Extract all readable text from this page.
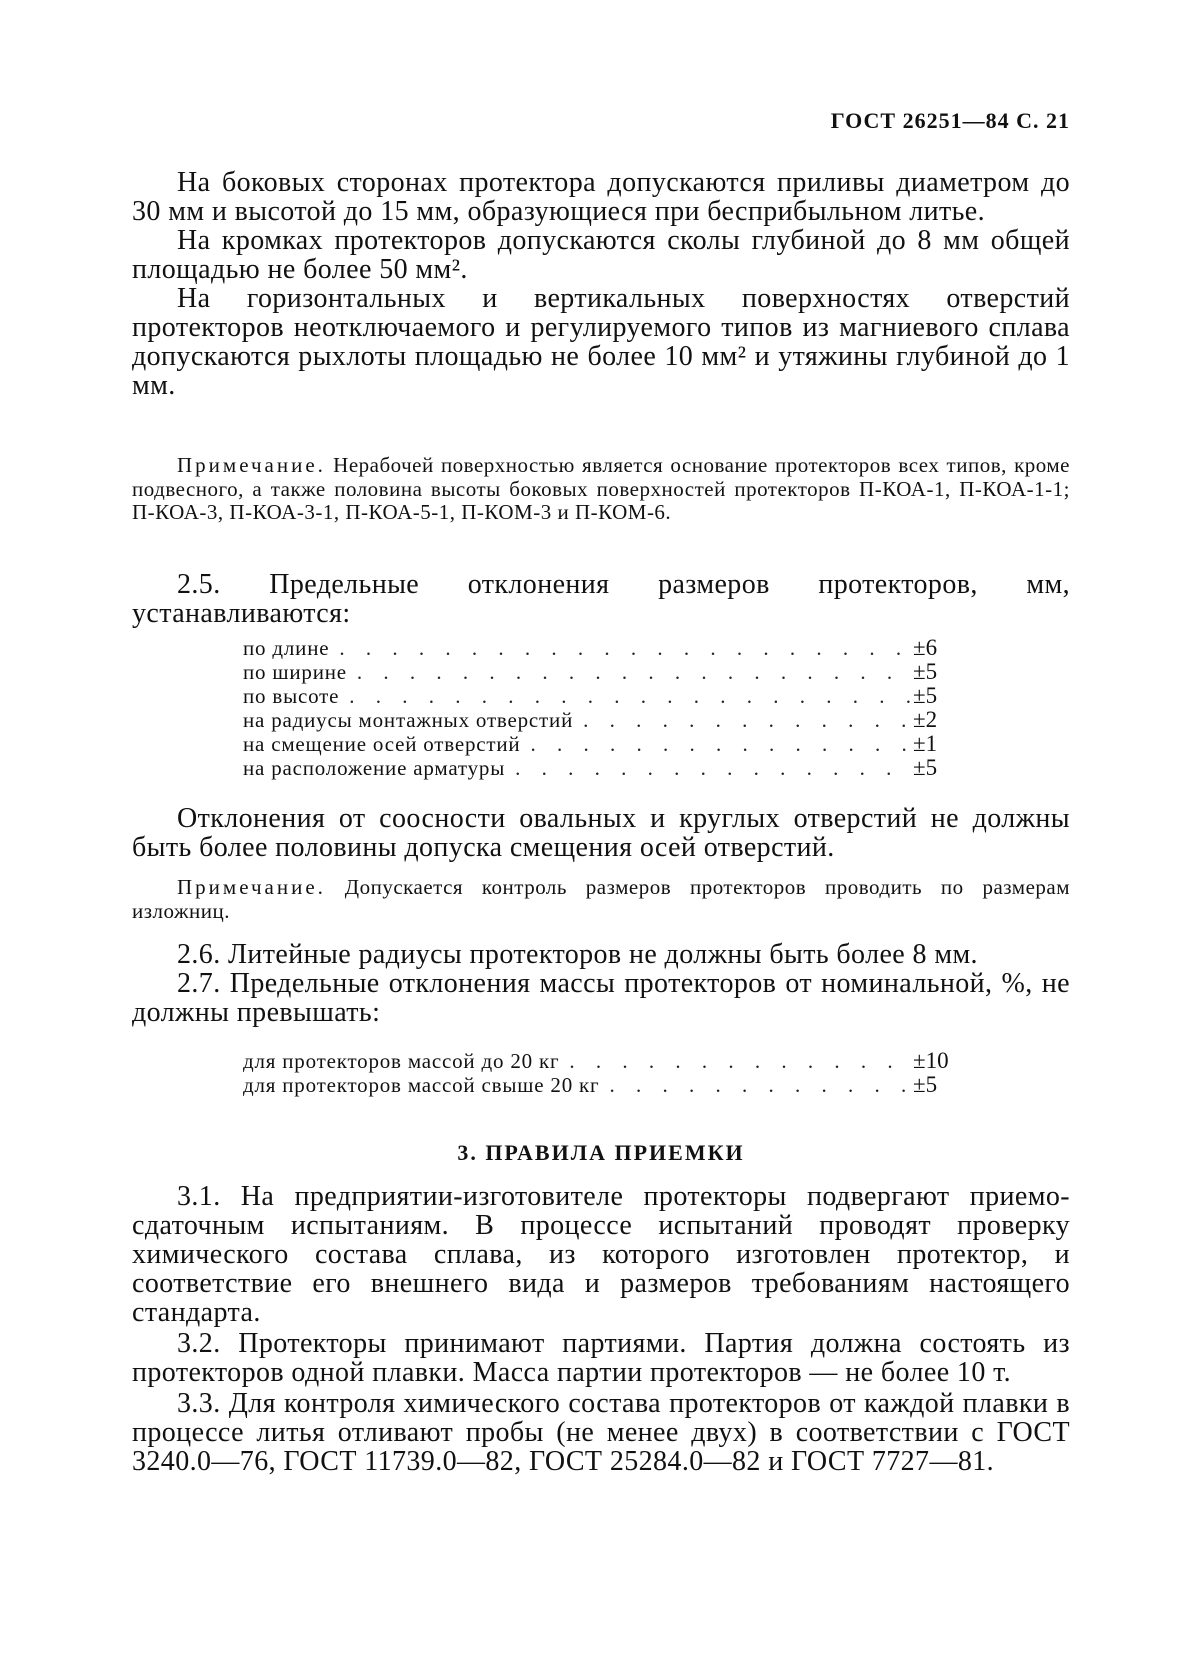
ГОСТ 26251—84 С. 21

На боковых сторонах протектора допускаются приливы диаметром до 30 мм и высотой до 15 мм, образующиеся при бесприбыльном литье.

На кромках протекторов допускаются сколы глубиной до 8 мм общей площадью не более 50 мм².

На горизонтальных и вертикальных поверхностях отверстий протекторов неотключаемого и регулируемого типов из магниевого сплава допускаются рыхлоты площадью не более 10 мм² и утяжины глубиной до 1 мм.

Примечание. Нерабочей поверхностью является основание протекторов всех типов, кроме подвесного, а также половина высоты боковых поверхностей протекторов П-КОА-1, П-КОА-1-1; П-КОА-3, П-КОА-3-1, П-КОА-5-1, П-КОМ-3 и П-КОМ-6.

2.5. Предельные отклонения размеров протекторов, мм, устанавливаются:

по длине . . .	±6
по ширине . . .	±5
по высоте . . .	±5
на радиусы монтажных отверстий . . .	±2
на смещение осей отверстий . . .	±1
на расположение арматуры . . .	±5

Отклонения от соосности овальных и круглых отверстий не должны быть более половины допуска смещения осей отверстий.

Примечание. Допускается контроль размеров протекторов проводить по размерам изложниц.

2.6. Литейные радиусы протекторов не должны быть более 8 мм.

2.7. Предельные отклонения массы протекторов от номинальной, %, не должны превышать:

для протекторов массой до 20 кг . . .	±10
для протекторов массой свыше 20 кг . . .	±5
3. ПРАВИЛА ПРИЕМКИ

3.1. На предприятии-изготовителе протекторы подвергают приемо-сдаточным испытаниям. В процессе испытаний проводят проверку химического состава сплава, из которого изготовлен протектор, и соответствие его внешнего вида и размеров требованиям настоящего стандарта.

3.2. Протекторы принимают партиями. Партия должна состоять из протекторов одной плавки. Масса партии протекторов — не более 10 т.

3.3. Для контроля химического состава протекторов от каждой плавки в процессе литья отливают пробы (не менее двух) в соответствии с ГОСТ 3240.0—76, ГОСТ 11739.0—82, ГОСТ 25284.0—82 и ГОСТ 7727—81.
